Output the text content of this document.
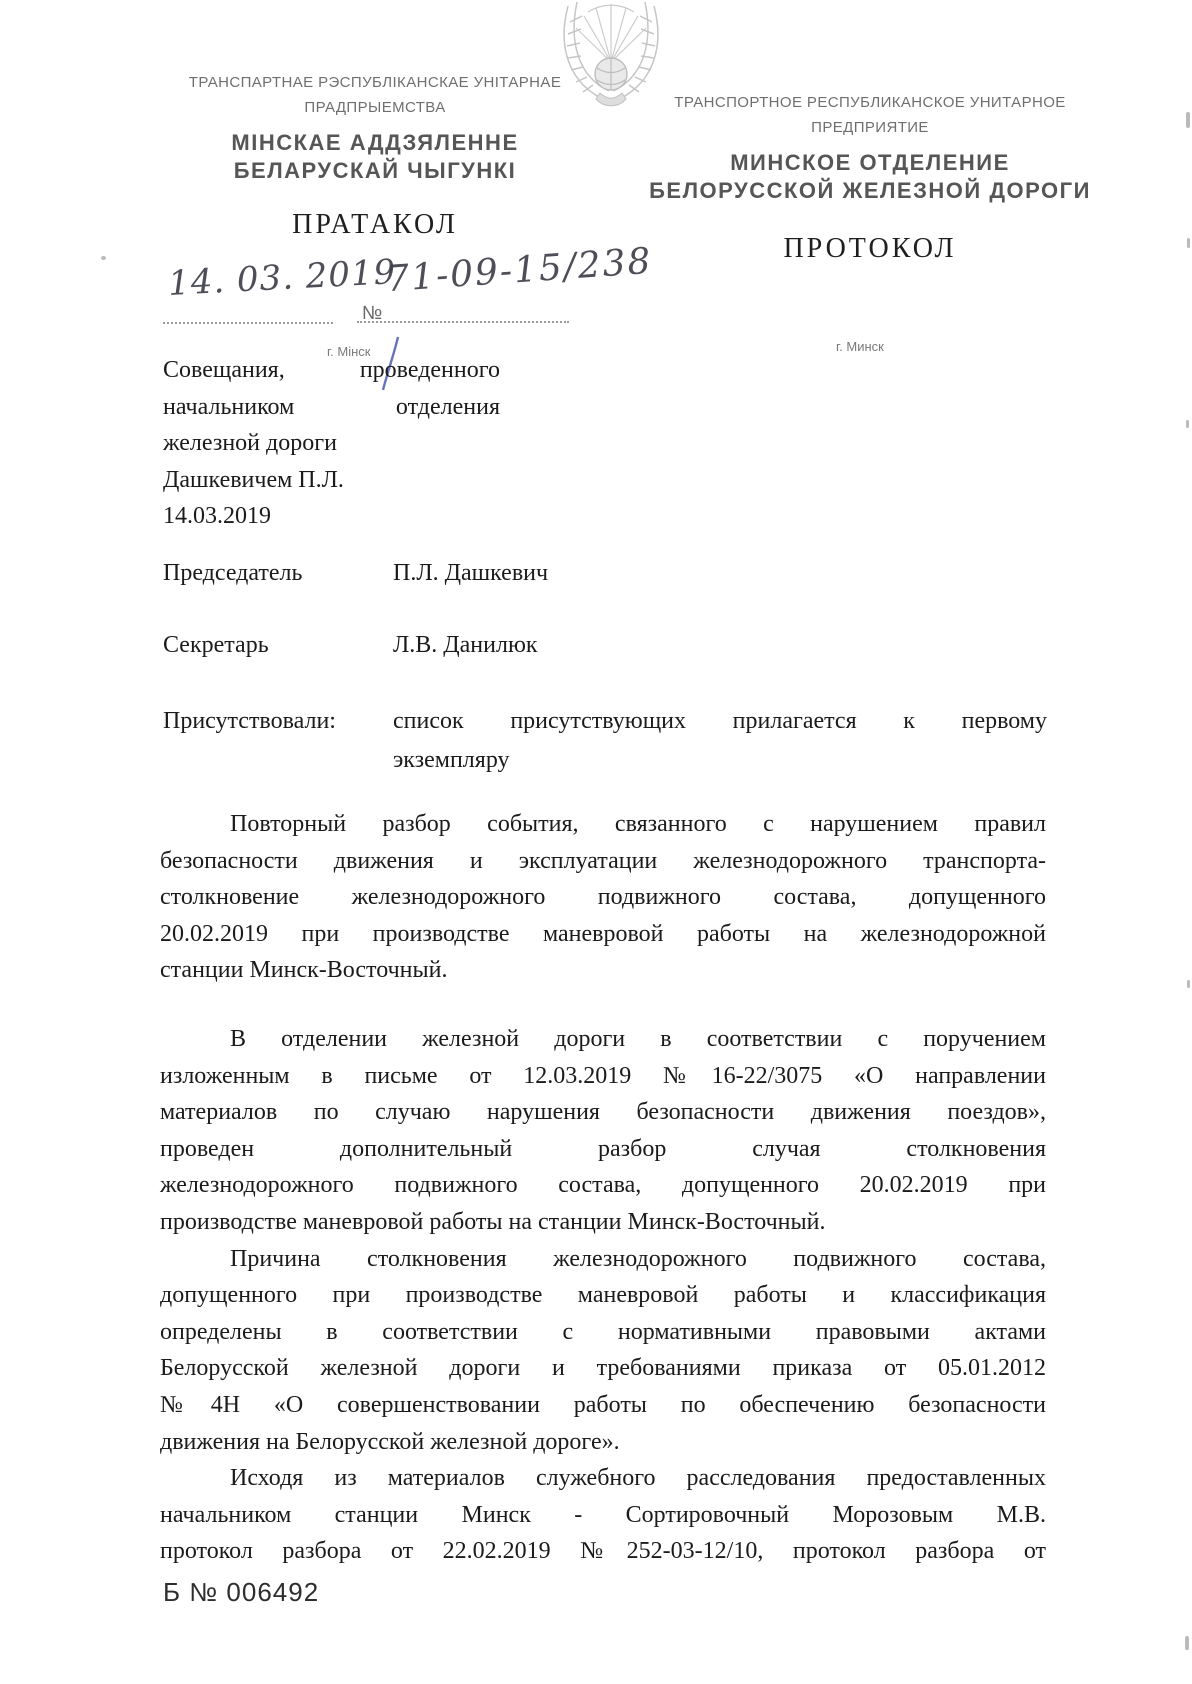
ТРАНСПАРТНАЕ РЭСПУБЛІКАНСКАЕ УНІТАРНАЕ
ПРАДПРЫЕМСТВА
МІНСКАЕ АДДЗЯЛЕННЕ
БЕЛАРУСКАЙ ЧЫГУНКІ
ПРАТАКОЛ
ТРАНСПОРТНОЕ РЕСПУБЛИКАНСКОЕ УНИТАРНОЕ
ПРЕДПРИЯТИЕ
МИНСКОЕ ОТДЕЛЕНИЕ
БЕЛОРУССКОЙ ЖЕЛЕЗНОЙ ДОРОГИ
ПРОТОКОЛ
№
14. 03. 2019
71-09-15/238
г. Мінск	г. Минск
Совещания, проведенного
начальником отделения
железной дороги
Дашкевичем П.Л.
14.03.2019
Председатель	П.Л. Дашкевич
Секретарь	Л.В. Данилюк
Присутствовали:	список присутствующих прилагается к первому
экземпляру
Повторный разбор события, связанного с нарушением правил
безопасности движения и эксплуатации железнодорожного транспорта-
столкновение железнодорожного подвижного состава, допущенного
20.02.2019 при производстве маневровой работы на железнодорожной
станции Минск-Восточный.
В отделении железной дороги в соответствии с поручением
изложенным в письме от 12.03.2019 №16-22/3075 «О направлении
материалов по случаю нарушения безопасности движения поездов»,
проведен дополнительный разбор случая столкновения
железнодорожного подвижного состава, допущенного 20.02.2019 при
производстве маневровой работы на станции Минск-Восточный.
Причина столкновения железнодорожного подвижного состава,
допущенного при производстве маневровой работы и классификация
определены в соответствии с нормативными правовыми актами
Белорусской железной дороги и требованиями приказа от 05.01.2012
№4Н «О совершенствовании работы по обеспечению безопасности
движения на Белорусской железной дороге».
Исходя из материалов служебного расследования предоставленных
начальником станции Минск - Сортировочный Морозовым М.В.
протокол разбора от 22.02.2019 №252-03-12/10, протокол разбора от
Б № 006492
